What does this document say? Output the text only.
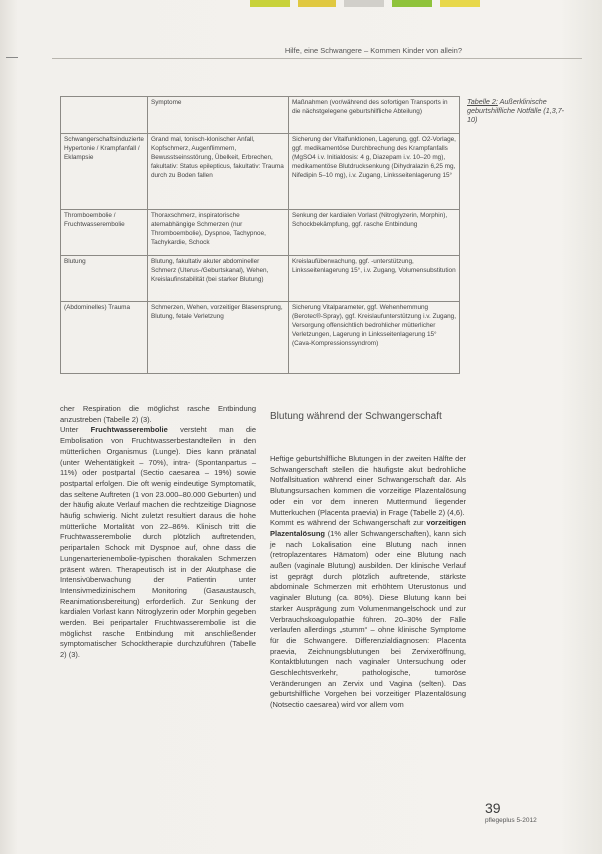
Hilfe, eine Schwangere – Kommen Kinder von allein?
	Symptome	Maßnahmen (vor/während des sofortigen Transports in die nächstgelegene geburtshilfliche Abteilung)
Schwangerschaftsinduzierte Hypertonie / Krampfanfall / Eklampsie	Grand mal, tonisch-klonischer Anfall, Kopfschmerz, Augenflimmern, Bewusstseinsstörung, Übelkeit, Erbrechen, fakultativ: Status epilepticus, fakultativ: Trauma durch zu Boden fallen	Sicherung der Vitalfunktionen, Lagerung, ggf. O2-Vorlage, ggf. medikamentöse Durchbrechung des Krampfanfalls (MgSO4 i.v. Initialdosis: 4 g, Diazepam i.v. 10–20 mg), medikamentöse Blutdrucksenkung (Dihydralazin 6,25 mg, Nifedipin 5–10 mg), i.v. Zugang, Linksseitenlagerung 15°
Thromboembolie / Fruchtwasserembolie	Thoraxschmerz, inspiratorische atemabhängige Schmerzen (nur Thromboembolie), Dyspnoe, Tachypnoe, Tachykardie, Schock	Senkung der kardialen Vorlast (Nitroglyzerin, Morphin), Schockbekämpfung, ggf. rasche Entbindung
Blutung	Blutung, fakultativ akuter abdomineller Schmerz (Uterus-/Geburtskanal), Wehen, Kreislaufinstabilität (bei starker Blutung)	Kreislaufüberwachung, ggf. -unterstützung, Linksseitenlagerung 15°, i.v. Zugang, Volumensubstitution
(Abdominelles) Trauma	Schmerzen, Wehen, vorzeitiger Blasensprung, Blutung, fetale Verletzung	Sicherung Vitalparameter, ggf. Wehenhemmung (Berotec®-Spray), ggf. Kreislaufunterstützung i.v. Zugang, Versorgung offensichtlich bedrohlicher mütterlicher Verletzungen, Lagerung in Linksseitenlagerung 15° (Cava-Kompressionssyndrom)
Tabelle 2: Außerklinische geburtshilfliche Notfälle (1,3,7-10)

cher Respiration die möglichst rasche Entbindung anzustreben (Tabelle 2) (3).

Unter Fruchtwasserembolie versteht man die Embolisation von Fruchtwasserbestandteilen in den mütterlichen Organismus (Lunge). Dies kann pränatal (unter Wehentätigkeit – 70%), intra- (Spontanpartus – 11%) oder postpartal (Sectio caesarea – 19%) sowie postpartal erfolgen. Die oft wenig eindeutige Symptomatik, das seltene Auftreten (1 von 23.000–80.000 Geburten) und der häufig akute Verlauf machen die rechtzeitige Diagnose häufig schwierig. Nicht zuletzt resultiert daraus die hohe mütterliche Mortalität von 22–86%. Klinisch tritt die Fruchtwasserembolie durch plötzlich auftretenden, peripartalen Schock mit Dyspnoe auf, ohne dass die Lungenarterienembolie-typischen thorakalen Schmerzen präsent wären. Therapeutisch ist in der Akutphase die Intensivüberwachung der Patientin unter Intensivmedizinischem Monitoring (Gasaustausch, Reanimationsbereitung) erforderlich. Zur Senkung der kardialen Vorlast kann Nitroglyzerin oder Morphin gegeben werden. Bei peripartaler Fruchtwasserembolie ist die möglichst rasche Entbindung mit anschließender symptomatischer Schocktherapie durchzuführen (Tabelle 2) (3).

Blutung während der Schwangerschaft

Heftige geburtshilfliche Blutungen in der zweiten Hälfte der Schwangerschaft stellen die häufigste akut bedrohliche Notfallsituation während einer Schwangerschaft dar. Als Blutungsursachen kommen die vorzeitige Plazentalösung oder ein vor dem inneren Muttermund liegender Mutterkuchen (Placenta praevia) in Frage (Tabelle 2) (4,6).

Kommt es während der Schwangerschaft zur vorzeitigen Plazentalösung (1% aller Schwangerschaften), kann sich je nach Lokalisation eine Blutung nach innen (retroplazentares Hämatom) oder eine Blutung nach außen (vaginale Blutung) ausbilden. Der klinische Verlauf ist geprägt durch plötzlich auftretende, stärkste abdominale Schmerzen mit erhöhtem Uterustonus und vaginaler Blutung (ca. 80%). Diese Blutung kann bei starker Ausprägung zum Volumenmangelschock und zur Verbrauchskoagulopathie führen. 20–30% der Fälle verlaufen allerdings „stumm“ – ohne klinische Symptome für die Schwangere. Differenzialdiagnosen: Placenta praevia, Zeichnungsblutungen bei Zervixeröffnung, Kontaktblutungen nach vaginaler Untersuchung oder Geschlechtsverkehr, pathologische, tumoröse Veränderungen an Zervix und Vagina (selten). Das geburtshilfliche Vorgehen bei vorzeitiger Plazentalösung (Notsectio caesarea) wird vor allem vom

39
pflegeplus 5-2012
